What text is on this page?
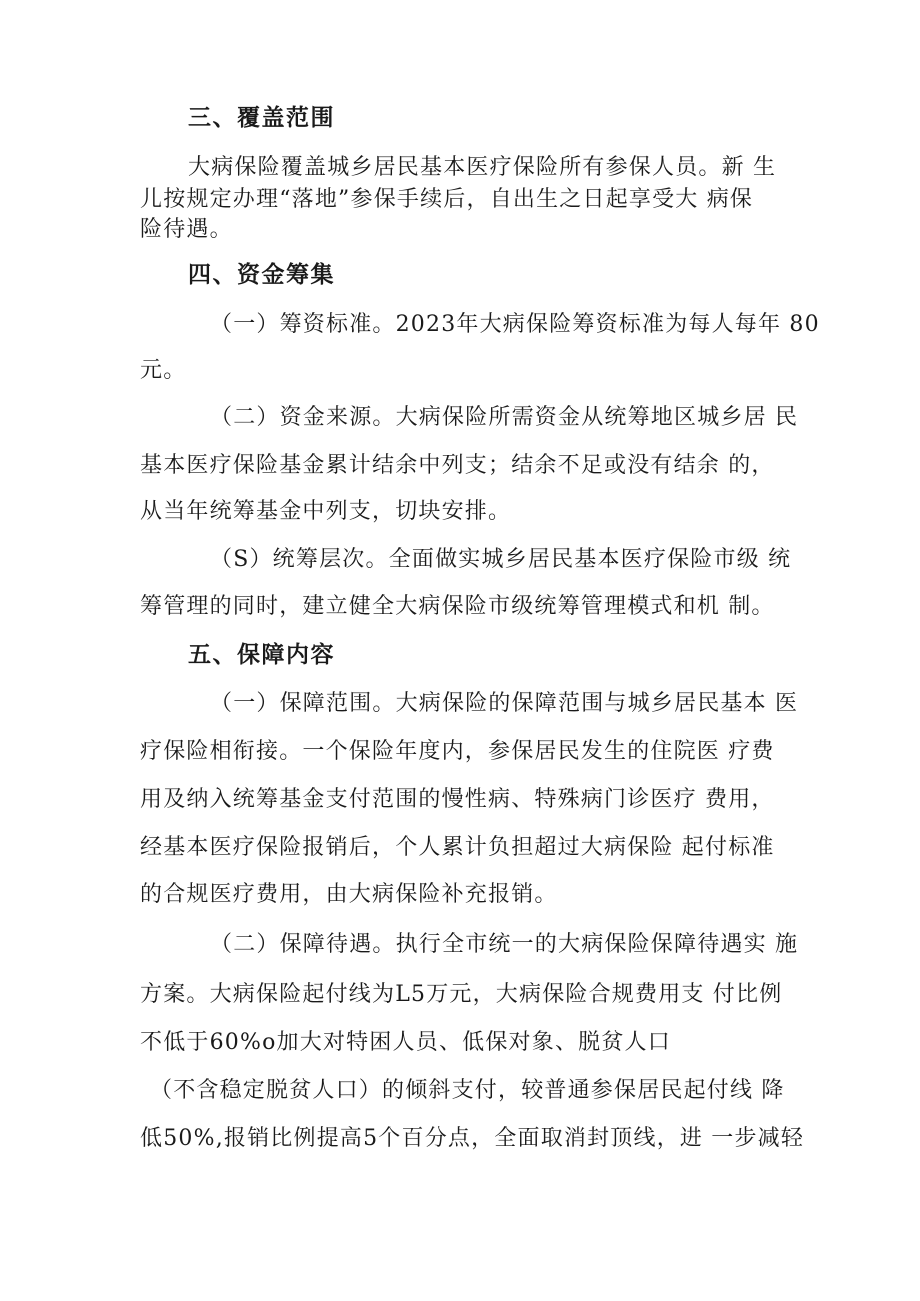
三、覆盖范围
大病保险覆盖城乡居民基本医疗保险所有参保人员。新 生
儿按规定办理“落地”参保手续后，自出生之日起享受大 病保
险待遇。
四、资金筹集
（一）筹资标准。2023年大病保险筹资标准为每人每年 80
元。
（二）资金来源。大病保险所需资金从统筹地区城乡居 民
基本医疗保险基金累计结余中列支；结余不足或没有结余 的，
从当年统筹基金中列支，切块安排。
（S）统筹层次。全面做实城乡居民基本医疗保险市级 统
筹管理的同时，建立健全大病保险市级统筹管理模式和机 制。
五、保障内容
（一）保障范围。大病保险的保障范围与城乡居民基本 医
疗保险相衔接。一个保险年度内，参保居民发生的住院医 疗费
用及纳入统筹基金支付范围的慢性病、特殊病门诊医疗 费用，
经基本医疗保险报销后，个人累计负担超过大病保险 起付标准
的合规医疗费用，由大病保险补充报销。
（二）保障待遇。执行全市统一的大病保险保障待遇实 施
方案。大病保险起付线为L5万元，大病保险合规费用支 付比例
不低于60%o加大对特困人员、低保对象、脱贫人口
（不含稳定脱贫人口）的倾斜支付，较普通参保居民起付线 降
低50%,报销比例提高5个百分点，全面取消封顶线，进 一步减轻
